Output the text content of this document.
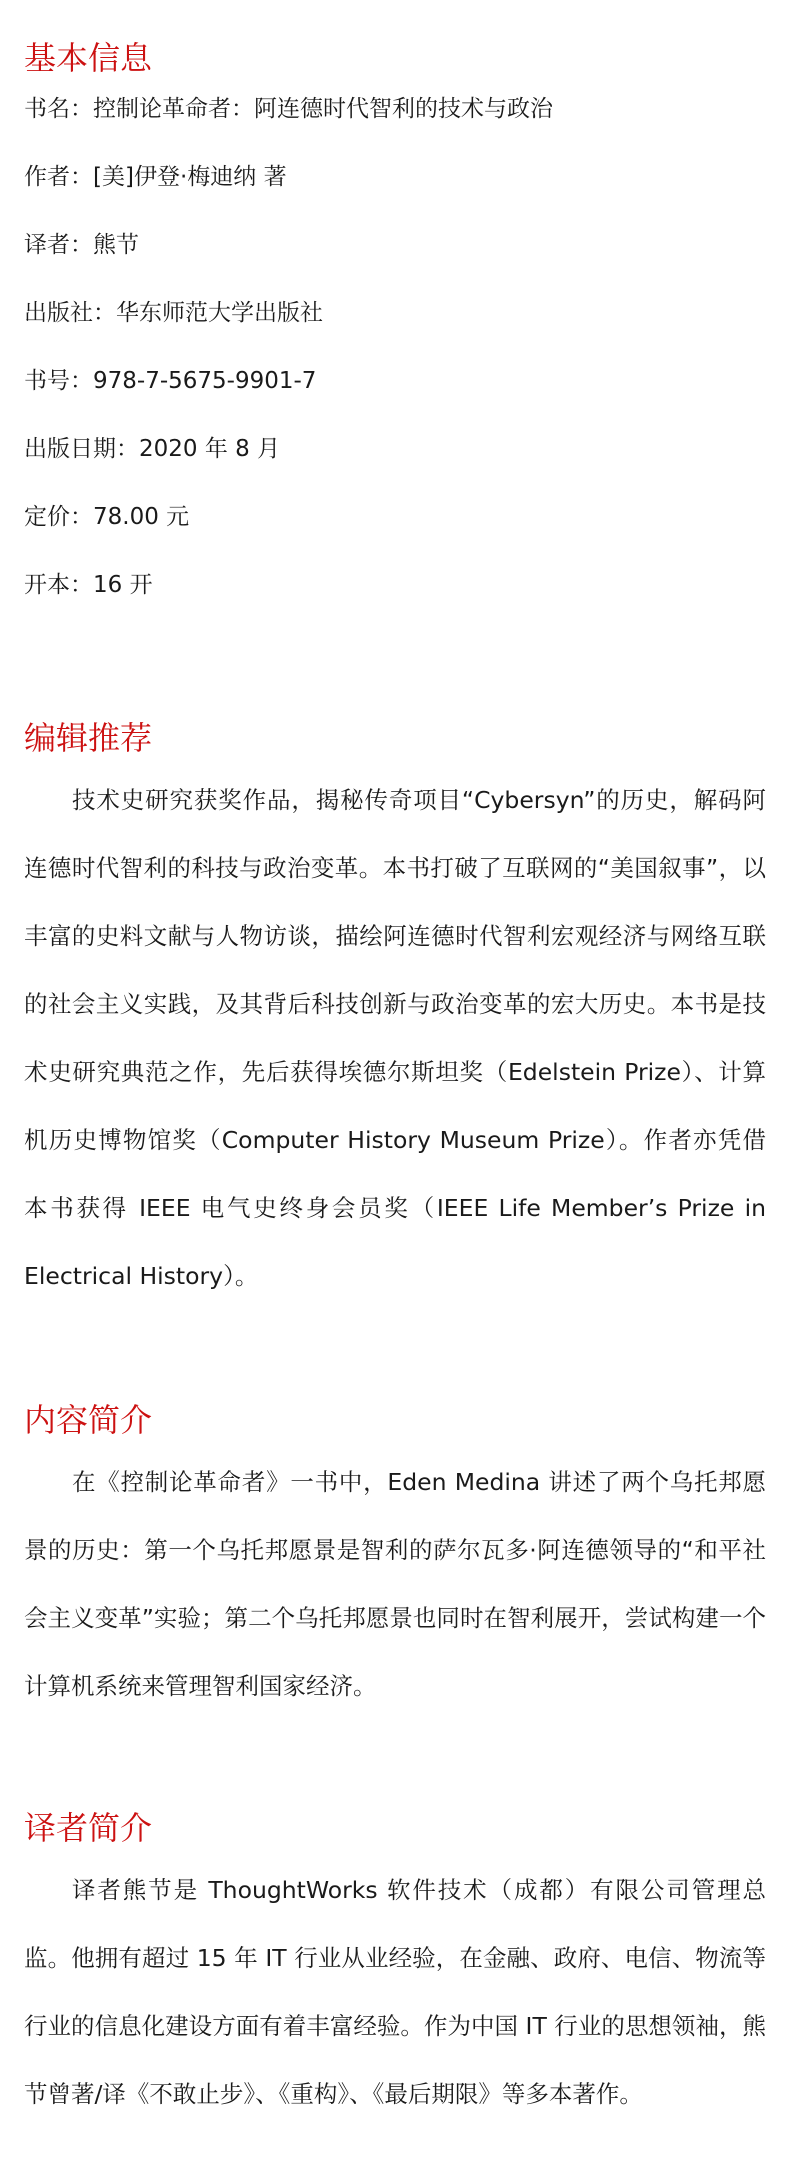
基本信息

书名：控制论革命者：阿连德时代智利的技术与政治

作者：[美]伊登·梅迪纳 著

译者：熊节

出版社：华东师范大学出版社

书号：978-7-5675-9901-7

出版日期：2020 年 8 月

定价：78.00 元

开本：16 开

编辑推荐

技术史研究获奖作品，揭秘传奇项目“Cybersyn”的历史，解码阿连德时代智利的科技与政治变革。本书打破了互联网的“美国叙事”，以丰富的史料文献与人物访谈，描绘阿连德时代智利宏观经济与网络互联的社会主义实践，及其背后科技创新与政治变革的宏大历史。本书是技术史研究典范之作，先后获得埃德尔斯坦奖（Edelstein Prize）、计算机历史博物馆奖（Computer History Museum Prize）。作者亦凭借本书获得 IEEE 电气史终身会员奖（IEEE Life Member’s Prize in Electrical History）。

内容简介

在《控制论革命者》一书中，Eden Medina 讲述了两个乌托邦愿景的历史：第一个乌托邦愿景是智利的萨尔瓦多·阿连德领导的“和平社会主义变革”实验；第二个乌托邦愿景也同时在智利展开，尝试构建一个计算机系统来管理智利国家经济。

译者简介

译者熊节是 ThoughtWorks 软件技术（成都）有限公司管理总监。他拥有超过 15 年 IT 行业从业经验，在金融、政府、电信、物流等行业的信息化建设方面有着丰富经验。作为中国 IT 行业的思想领袖，熊节曾著/译《不敢止步》、《重构》、《最后期限》等多本著作。
